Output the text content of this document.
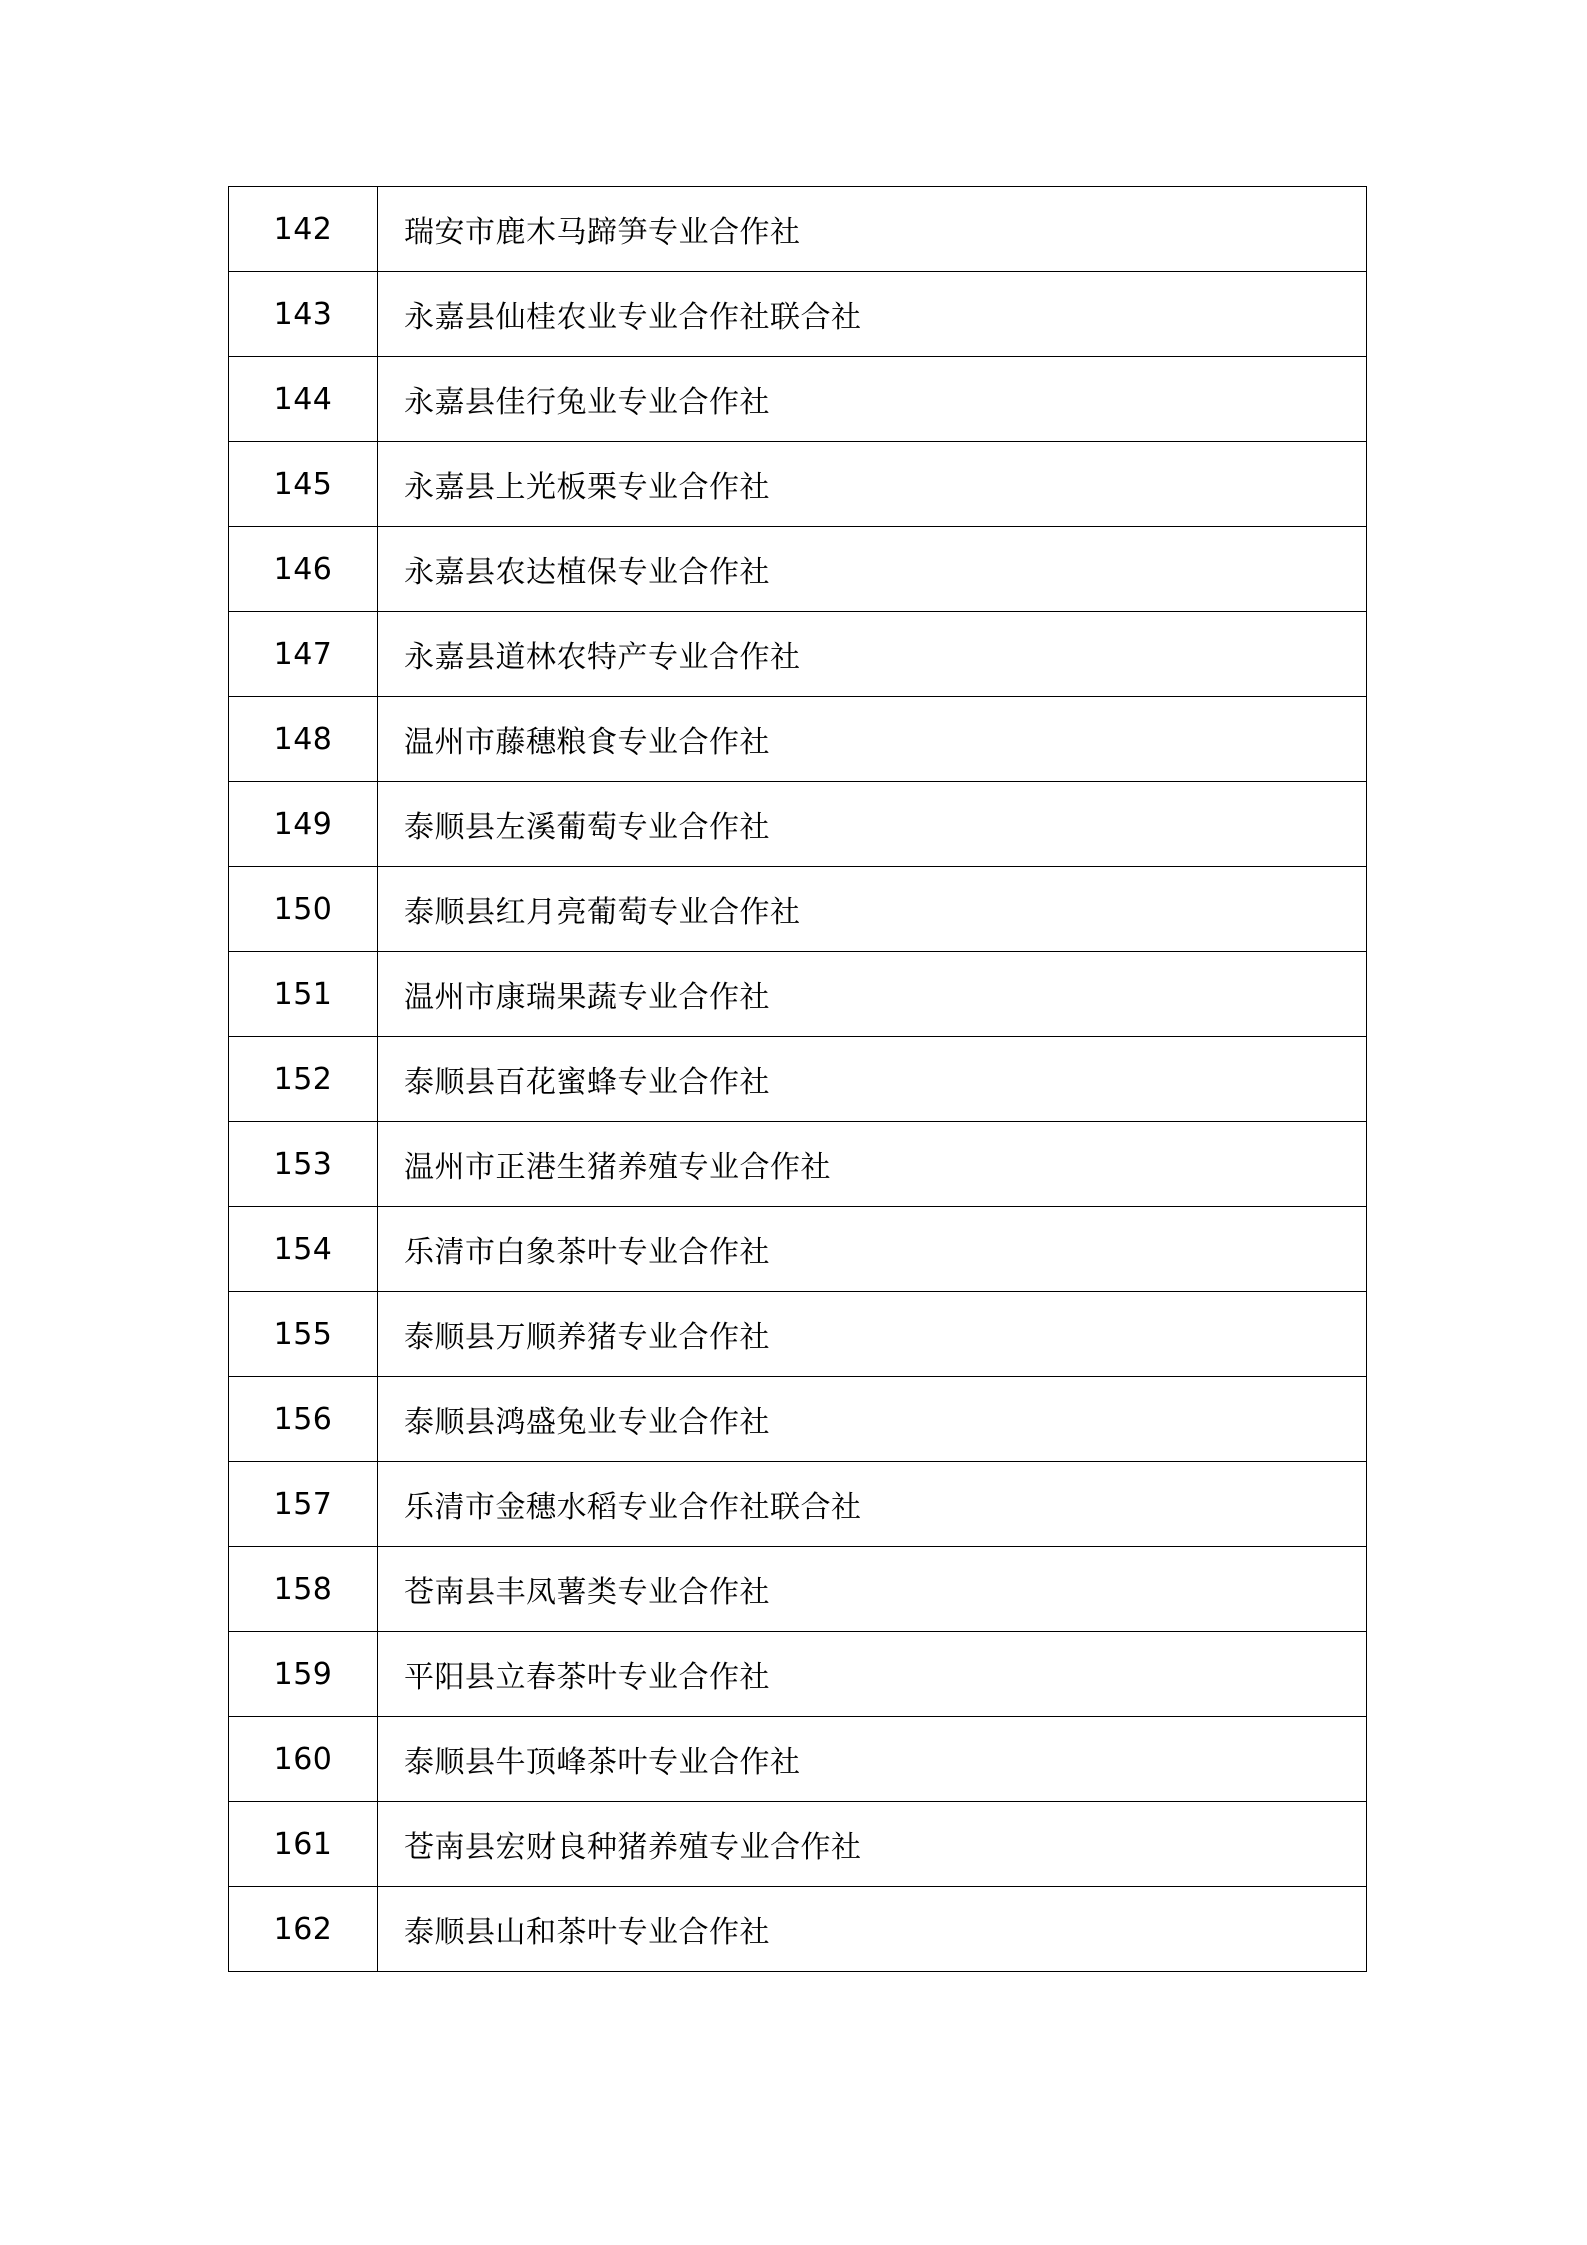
142	瑞安市鹿木马蹄笋专业合作社
143	永嘉县仙桂农业专业合作社联合社
144	永嘉县佳行兔业专业合作社
145	永嘉县上光板栗专业合作社
146	永嘉县农达植保专业合作社
147	永嘉县道林农特产专业合作社
148	温州市藤穗粮食专业合作社
149	泰顺县左溪葡萄专业合作社
150	泰顺县红月亮葡萄专业合作社
151	温州市康瑞果蔬专业合作社
152	泰顺县百花蜜蜂专业合作社
153	温州市正港生猪养殖专业合作社
154	乐清市白象茶叶专业合作社
155	泰顺县万顺养猪专业合作社
156	泰顺县鸿盛兔业专业合作社
157	乐清市金穗水稻专业合作社联合社
158	苍南县丰凤薯类专业合作社
159	平阳县立春茶叶专业合作社
160	泰顺县牛顶峰茶叶专业合作社
161	苍南县宏财良种猪养殖专业合作社
162	泰顺县山和茶叶专业合作社
